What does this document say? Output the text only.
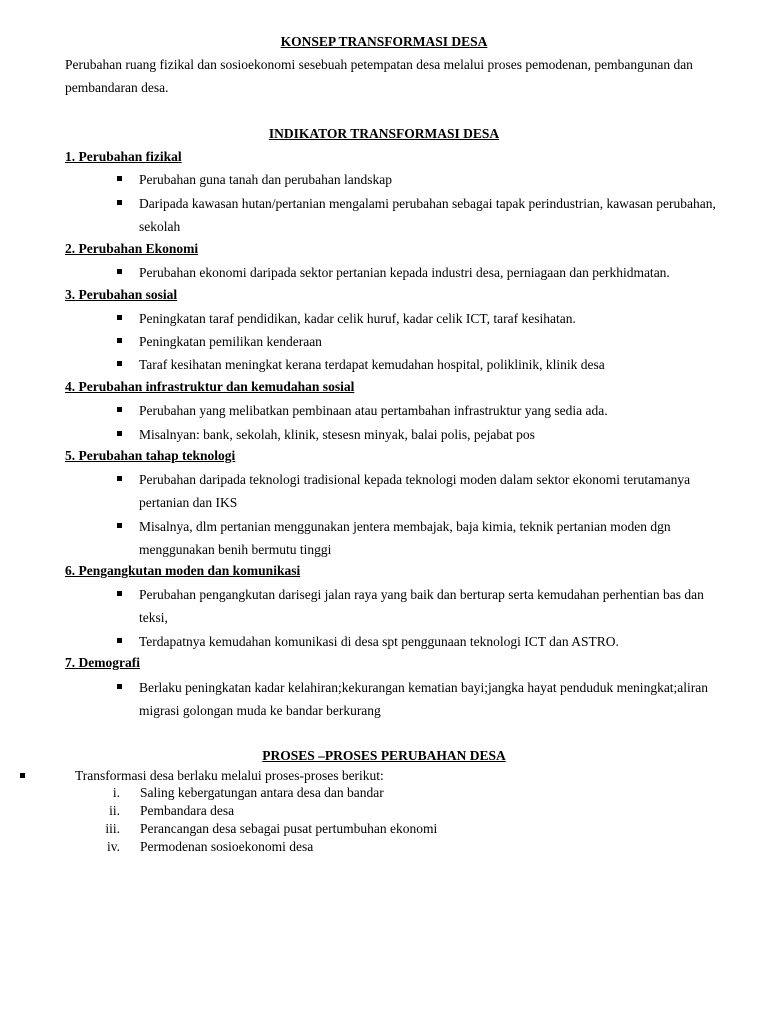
KONSEP TRANSFORMASI DESA
Perubahan ruang fizikal dan sosioekonomi sesebuah petempatan desa melalui proses pemodenan, pembangunan dan pembandaran desa.
INDIKATOR TRANSFORMASI DESA
1. Perubahan fizikal
Perubahan guna tanah dan perubahan landskap
Daripada kawasan hutan/pertanian mengalami perubahan sebagai tapak perindustrian, kawasan perubahan, sekolah
2. Perubahan Ekonomi
Perubahan ekonomi daripada sektor pertanian kepada industri desa, perniagaan dan perkhidmatan.
3. Perubahan sosial
Peningkatan taraf pendidikan, kadar celik huruf, kadar celik ICT, taraf kesihatan.
Peningkatan pemilikan kenderaan
Taraf kesihatan meningkat kerana terdapat kemudahan hospital, poliklinik, klinik desa
4. Perubahan infrastruktur dan kemudahan sosial
Perubahan yang melibatkan pembinaan atau pertambahan infrastruktur yang sedia ada.
Misalnyan: bank, sekolah, klinik, stesesn minyak, balai polis, pejabat pos
5. Perubahan tahap teknologi
Perubahan daripada teknologi tradisional kepada teknologi moden dalam sektor ekonomi terutamanya pertanian dan IKS
Misalnya, dlm pertanian menggunakan jentera membajak, baja kimia, teknik pertanian moden dgn menggunakan benih bermutu tinggi
6. Pengangkutan moden dan komunikasi
Perubahan pengangkutan darisegi jalan raya yang baik dan berturap serta kemudahan perhentian bas dan teksi,
Terdapatnya kemudahan komunikasi di desa spt penggunaan teknologi ICT dan ASTRO.
7. Demografi
Berlaku peningkatan kadar kelahiran;kekurangan kematian bayi;jangka hayat penduduk meningkat;aliran migrasi golongan muda ke bandar berkurang
PROSES –PROSES PERUBAHAN DESA
Transformasi desa berlaku melalui proses-proses berikut:
i. Saling kebergatungan antara desa dan bandar
ii. Pembandara desa
iii. Perancangan desa sebagai pusat pertumbuhan ekonomi
iv. Permodenan sosioekonomi desa
